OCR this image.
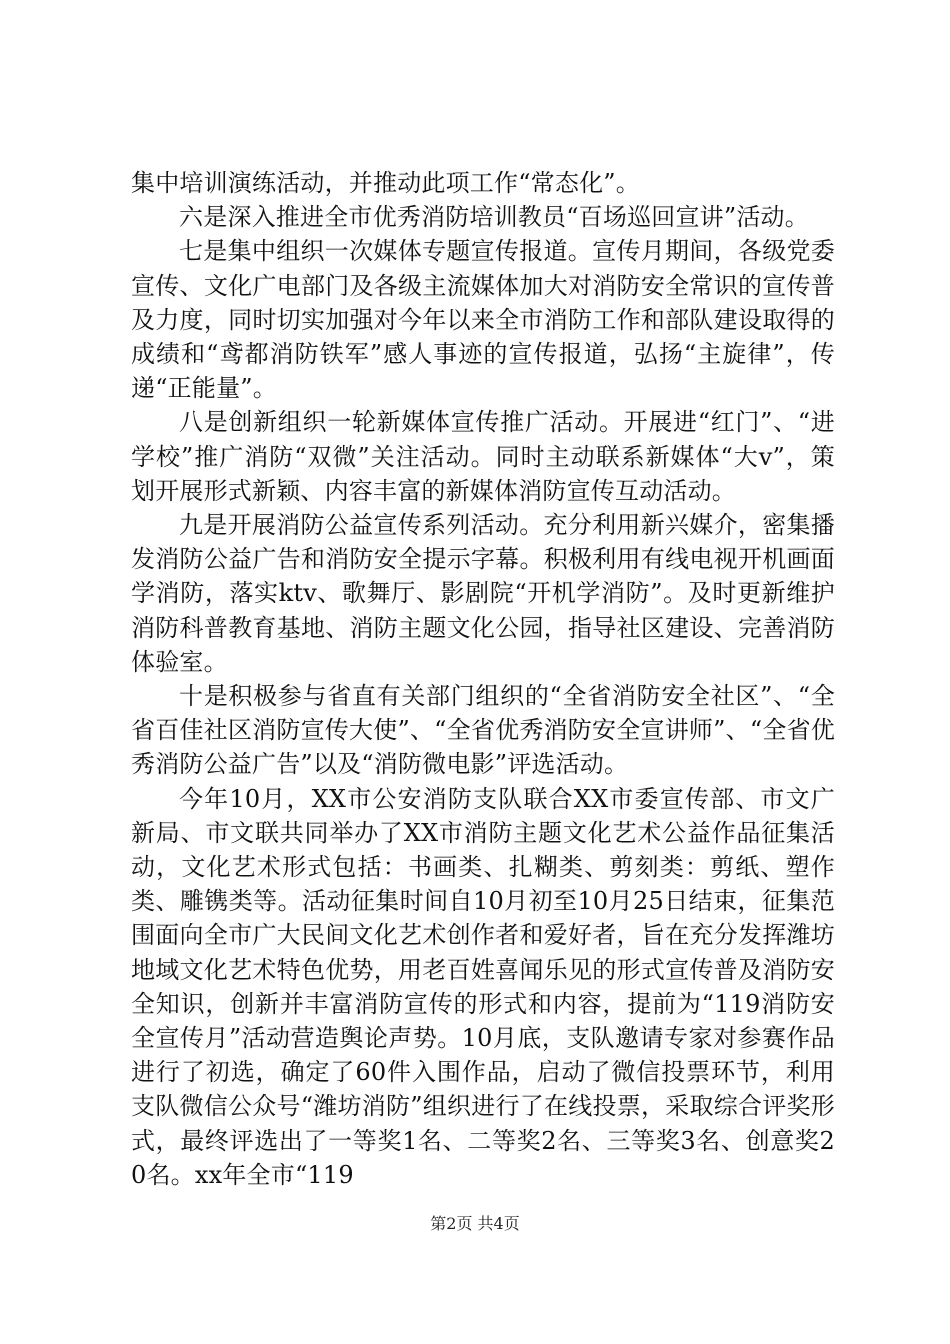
集中培训演练活动，并推动此项工作“常态化”。

六是深入推进全市优秀消防培训教员“百场巡回宣讲”活动。

七是集中组织一次媒体专题宣传报道。宣传月期间，各级党委宣传、文化广电部门及各级主流媒体加大对消防安全常识的宣传普及力度，同时切实加强对今年以来全市消防工作和部队建设取得的成绩和“鸢都消防铁军”感人事迹的宣传报道，弘扬“主旋律”，传递“正能量”。

八是创新组织一轮新媒体宣传推广活动。开展进“红门”、“进学校”推广消防“双微”关注活动。同时主动联系新媒体“大v”，策划开展形式新颖、内容丰富的新媒体消防宣传互动活动。

九是开展消防公益宣传系列活动。充分利用新兴媒介，密集播发消防公益广告和消防安全提示字幕。积极利用有线电视开机画面学消防，落实ktv、歌舞厅、影剧院“开机学消防”。及时更新维护消防科普教育基地、消防主题文化公园，指导社区建设、完善消防体验室。

十是积极参与省直有关部门组织的“全省消防安全社区”、“全省百佳社区消防宣传大使”、“全省优秀消防安全宣讲师”、“全省优秀消防公益广告”以及“消防微电影”评选活动。

今年10月，XX市公安消防支队联合XX市委宣传部、市文广新局、市文联共同举办了XX市消防主题文化艺术公益作品征集活动，文化艺术形式包括：书画类、扎糊类、剪刻类：剪纸、塑作类、雕镌类等。活动征集时间自10月初至10月25日结束，征集范围面向全市广大民间文化艺术创作者和爱好者，旨在充分发挥潍坊地域文化艺术特色优势，用老百姓喜闻乐见的形式宣传普及消防安全知识，创新并丰富消防宣传的形式和内容，提前为“119消防安全宣传月”活动营造舆论声势。10月底，支队邀请专家对参赛作品进行了初选，确定了60件入围作品，启动了微信投票环节，利用支队微信公众号“潍坊消防”组织进行了在线投票，采取综合评奖形式，最终评选出了一等奖1名、二等奖2名、三等奖3名、创意奖20名。xx年全市“119

第2页 共4页
